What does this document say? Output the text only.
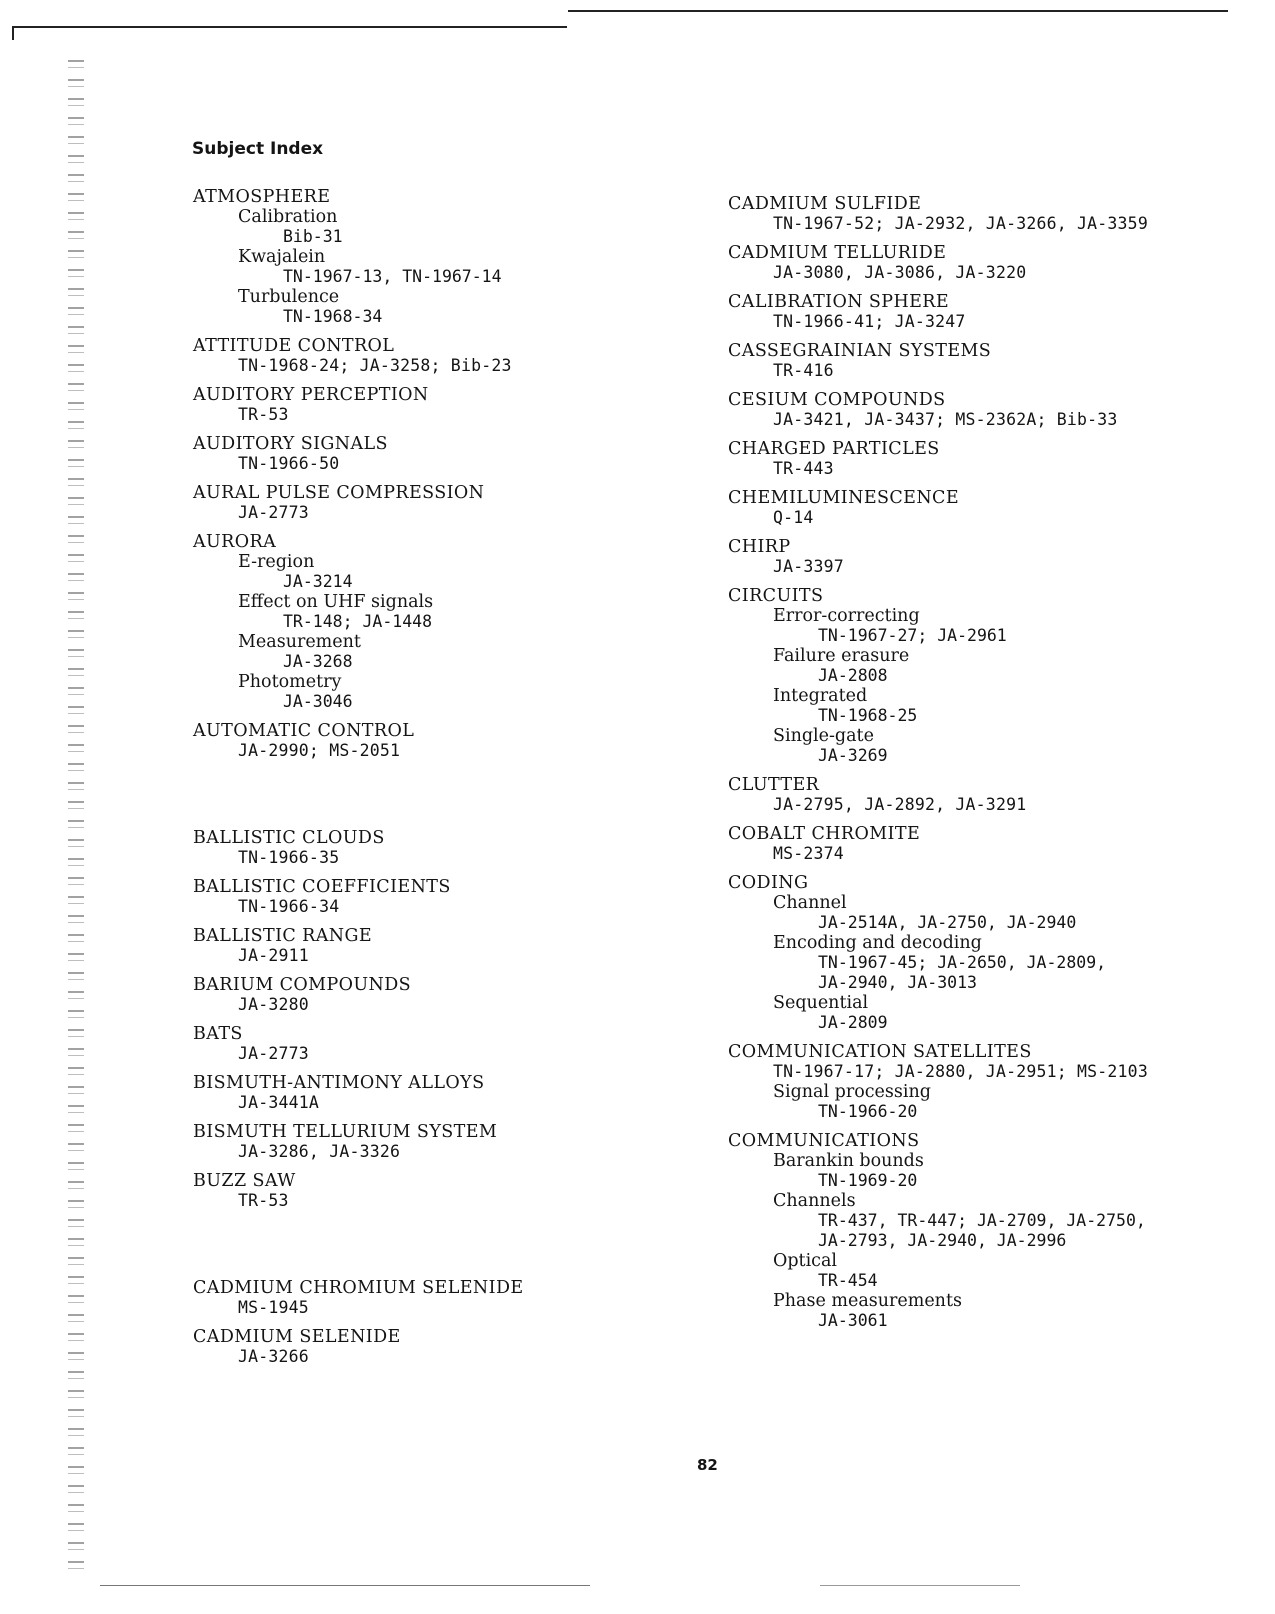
Subject Index
ATMOSPHERE
Calibration
Bib-31
Kwajalein
TN-1967-13, TN-1967-14
Turbulence
TN-1968-34
ATTITUDE CONTROL
TN-1968-24; JA-3258; Bib-23
AUDITORY PERCEPTION
TR-53
AUDITORY SIGNALS
TN-1966-50
AURAL PULSE COMPRESSION
JA-2773
AURORA
E-region
JA-3214
Effect on UHF signals
TR-148; JA-1448
Measurement
JA-3268
Photometry
JA-3046
AUTOMATIC CONTROL
JA-2990; MS-2051
BALLISTIC CLOUDS
TN-1966-35
BALLISTIC COEFFICIENTS
TN-1966-34
BALLISTIC RANGE
JA-2911
BARIUM COMPOUNDS
JA-3280
BATS
JA-2773
BISMUTH-ANTIMONY ALLOYS
JA-3441A
BISMUTH TELLURIUM SYSTEM
JA-3286, JA-3326
BUZZ SAW
TR-53
CADMIUM CHROMIUM SELENIDE
MS-1945
CADMIUM SELENIDE
JA-3266
CADMIUM SULFIDE
TN-1967-52; JA-2932, JA-3266, JA-3359
CADMIUM TELLURIDE
JA-3080, JA-3086, JA-3220
CALIBRATION SPHERE
TN-1966-41; JA-3247
CASSEGRAINIAN SYSTEMS
TR-416
CESIUM COMPOUNDS
JA-3421, JA-3437; MS-2362A; Bib-33
CHARGED PARTICLES
TR-443
CHEMILUMINESCENCE
Q-14
CHIRP
JA-3397
CIRCUITS
Error-correcting
TN-1967-27; JA-2961
Failure erasure
JA-2808
Integrated
TN-1968-25
Single-gate
JA-3269
CLUTTER
JA-2795, JA-2892, JA-3291
COBALT CHROMITE
MS-2374
CODING
Channel
JA-2514A, JA-2750, JA-2940
Encoding and decoding
TN-1967-45; JA-2650, JA-2809,
JA-2940, JA-3013
Sequential
JA-2809
COMMUNICATION SATELLITES
TN-1967-17; JA-2880, JA-2951; MS-2103
Signal processing
TN-1966-20
COMMUNICATIONS
Barankin bounds
TN-1969-20
Channels
TR-437, TR-447; JA-2709, JA-2750,
JA-2793, JA-2940, JA-2996
Optical
TR-454
Phase measurements
JA-3061
82
